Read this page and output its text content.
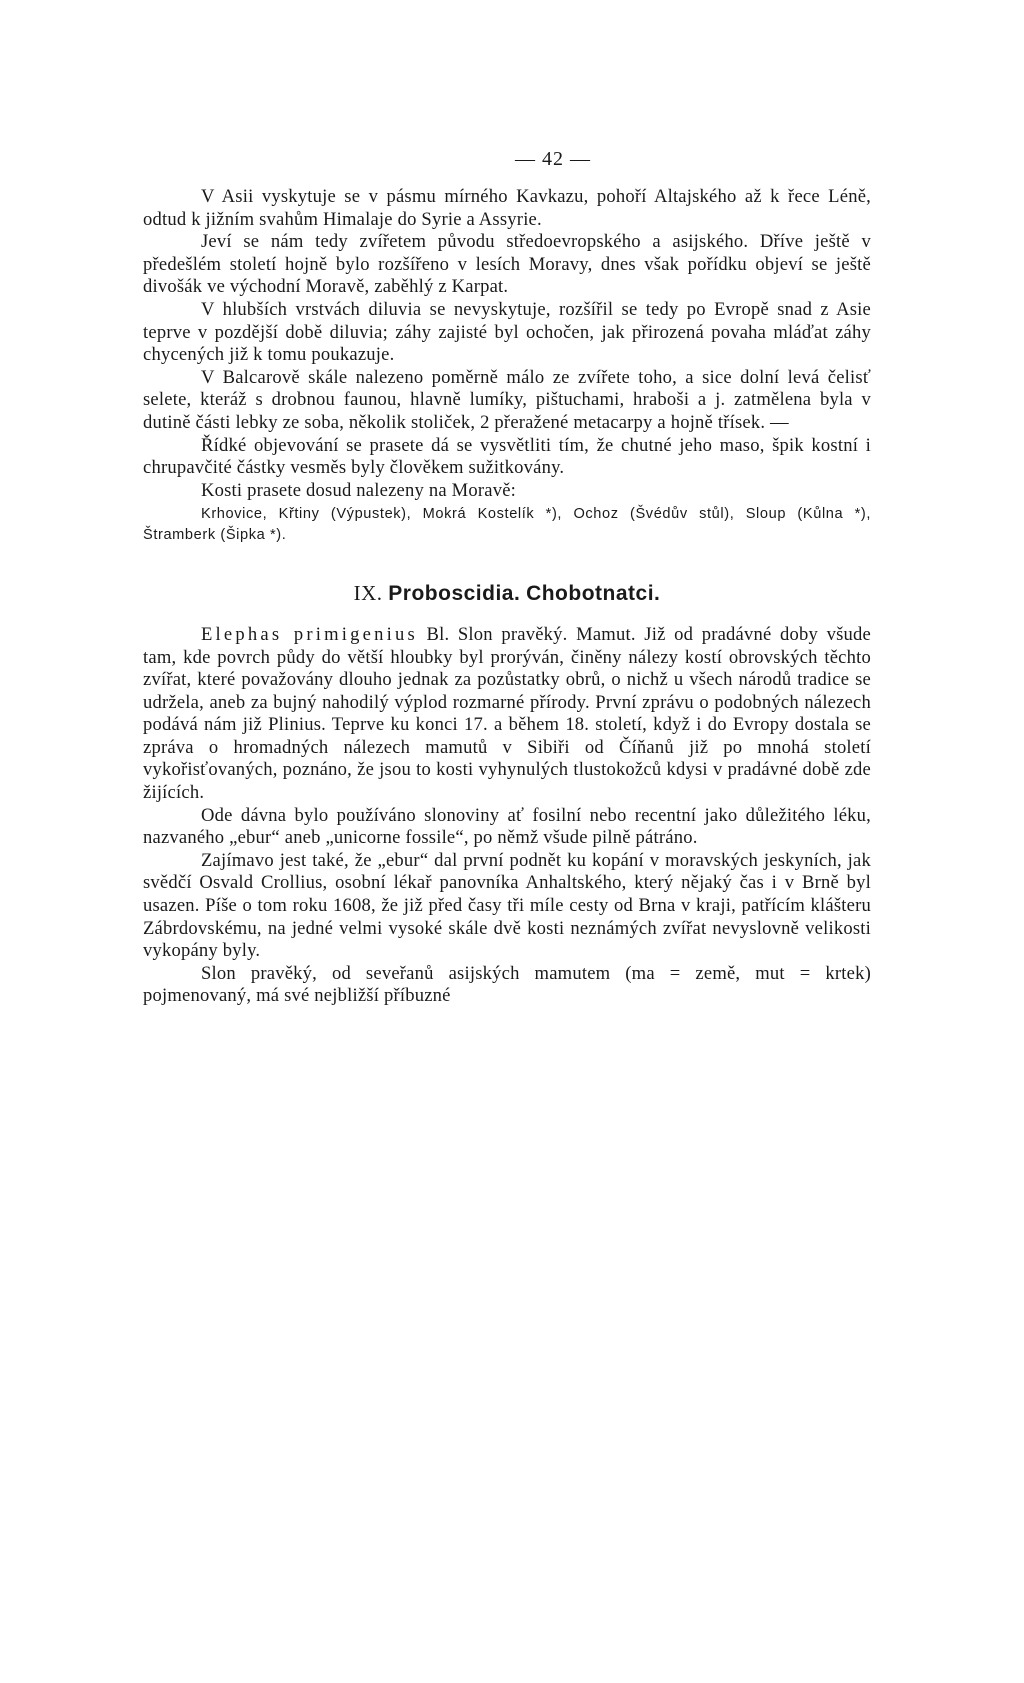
— 42 —

V Asii vyskytuje se v pásmu mírného Kavkazu, pohoří Altajského až k řece Léně, odtud k jižním svahům Himalaje do Syrie a Assyrie.

Jeví se nám tedy zvířetem původu středoevropského a asijského. Dříve ještě v předešlém století hojně bylo rozšířeno v lesích Moravy, dnes však pořídku objeví se ještě divošák ve východní Moravě, zaběhlý z Karpat.

V hlubších vrstvách diluvia se nevyskytuje, rozšířil se tedy po Evropě snad z Asie teprve v pozdější době diluvia; záhy zajisté byl ochočen, jak přirozená povaha mláďat záhy chycených již k tomu poukazuje.

V Balcarově skále nalezeno poměrně málo ze zvířete toho, a sice dolní levá čelisť selete, kteráž s drobnou faunou, hlavně lumíky, pištuchami, hraboši a j. zatmělena byla v dutině části lebky ze soba, několik stoliček, 2 přeražené metacarpy a hojně třísek. —

Řídké objevování se prasete dá se vysvětliti tím, že chutné jeho maso, špik kostní i chrupavčité částky vesměs byly člověkem sužitkovány.

Kosti prasete dosud nalezeny na Moravě:

Krhovice, Křtiny (Výpustek), Mokrá Kostelík *), Ochoz (Švédův stůl), Sloup (Kůlna *), Štramberk (Šipka *).

IX. Proboscidia. Chobotnatci.

Elephas primigenius Bl. Slon pravěký. Mamut. Již od pradávné doby všude tam, kde povrch půdy do větší hloubky byl prorýván, činěny nálezy kostí obrovských těchto zvířat, které považovány dlouho jednak za pozůstatky obrů, o nichž u všech národů tradice se udržela, aneb za bujný nahodilý výplod rozmarné přírody. První zprávu o podobných nálezech podává nám již Plinius. Teprve ku konci 17. a během 18. století, když i do Evropy dostala se zpráva o hromadných nálezech mamutů v Sibiři od Číňanů již po mnohá století vykořisťovaných, poznáno, že jsou to kosti vyhynulých tlustokožců kdysi v pradávné době zde žijících.

Ode dávna bylo používáno slonoviny ať fosilní nebo recentní jako důležitého léku, nazvaného „ebur“ aneb „unicorne fossile“, po němž všude pilně pátráno.

Zajímavo jest také, že „ebur“ dal první podnět ku kopání v moravských jeskyních, jak svědčí Osvald Crollius, osobní lékař panovníka Anhaltského, který nějaký čas i v Brně byl usazen. Píše o tom roku 1608, že již před časy tři míle cesty od Brna v kraji, patřícím klášteru Zábrdovskému, na jedné velmi vysoké skále dvě kosti neznámých zvířat nevyslovně velikosti vykopány byly.

Slon pravěký, od seveřanů asijských mamutem (ma = země, mut = krtek) pojmenovaný, má své nejbližší příbuzné
